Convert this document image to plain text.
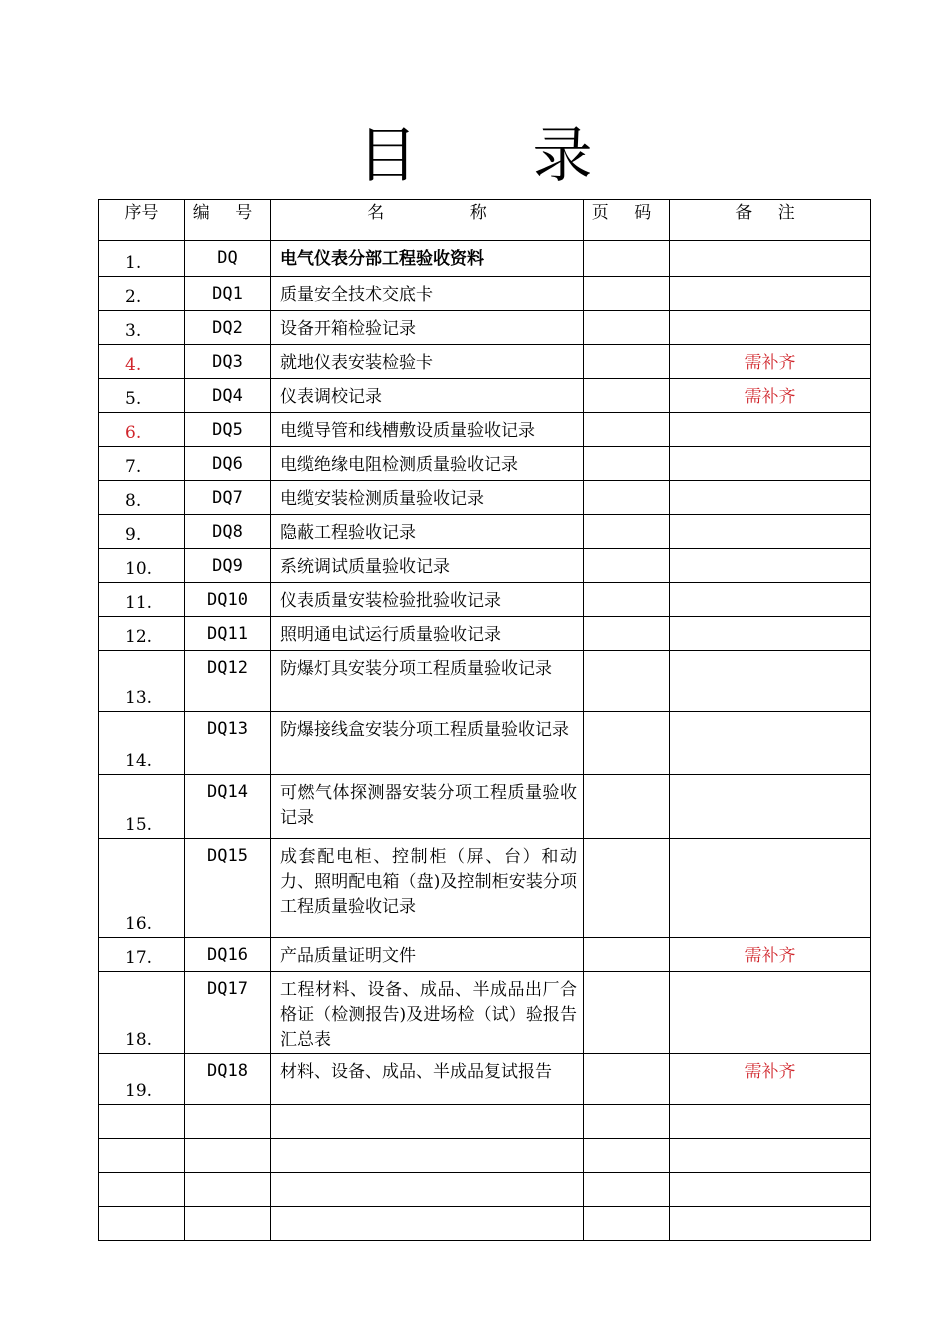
目 录
序号	编 号	名 称	页 码	备 注
1.	DQ	电气仪表分部工程验收资料		
2.	DQ1	质量安全技术交底卡		
3.	DQ2	设备开箱检验记录		
4.	DQ3	就地仪表安装检验卡		需补齐
5.	DQ4	仪表调校记录		需补齐
6.	DQ5	电缆导管和线槽敷设质量验收记录		
7.	DQ6	电缆绝缘电阻检测质量验收记录		
8.	DQ7	电缆安装检测质量验收记录		
9.	DQ8	隐蔽工程验收记录		
10.	DQ9	系统调试质量验收记录		
11.	DQ10	仪表质量安装检验批验收记录		
12.	DQ11	照明通电试运行质量验收记录		
13.	DQ12	防爆灯具安装分项工程质量验收记录		
14.	DQ13	防爆接线盒安装分项工程质量验收记录		
15.	DQ14	可燃气体探测器安装分项工程质量验收记录		
16.	DQ15	成套配电柜、控制柜（屏、台）和动力、照明配电箱（盘)及控制柜安装分项工程质量验收记录		
17.	DQ16	产品质量证明文件		需补齐
18.	DQ17	工程材料、设备、成品、半成品出厂合格证（检测报告)及进场检（试）验报告汇总表		
19.	DQ18	材料、设备、成品、半成品复试报告		需补齐
